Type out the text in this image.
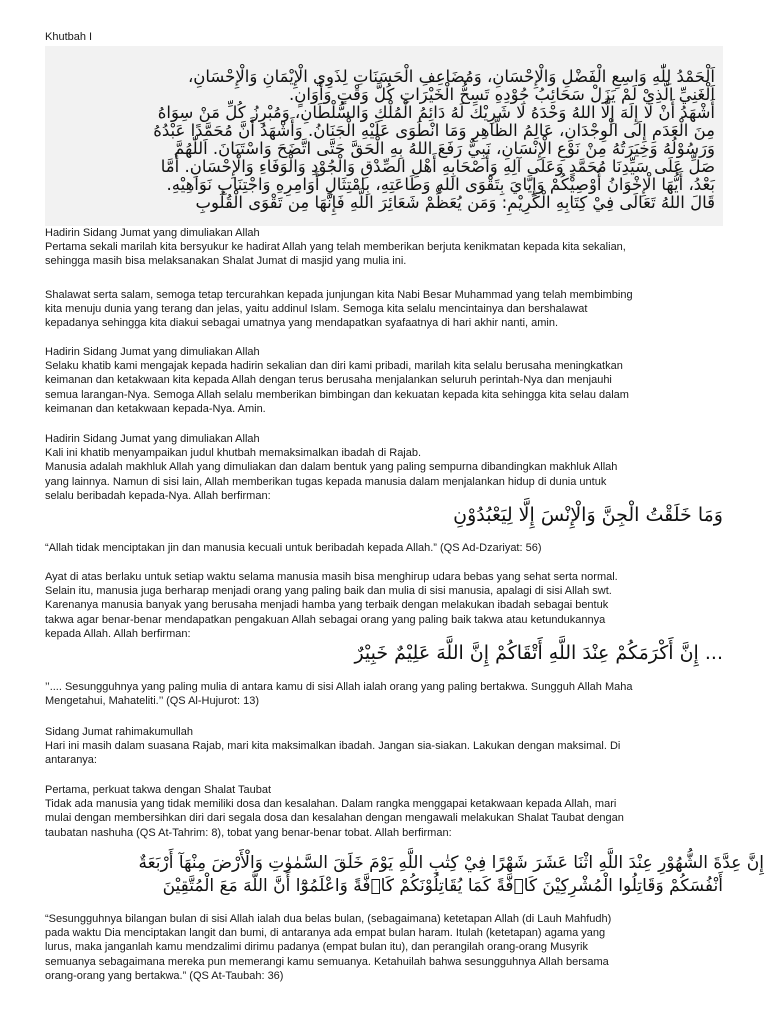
Khutbah I
اَلْحَمْدُ لِلّٰهِ وَاسِعِ الْفَضْلِ وَالْإِحْسَانِ، وَمُضَاعِفِ الْحَسَنَاتِ لِذَوِي الْإِيْمَانِ وَالْإِحْسَانِ،
اَلْغَنِيِّ الَّذِيْ لَمْ يَزَلْ سَحَائِبُ جُوْدِهِ تَسِحُّ الْخَيْرَاتِ كُلَّ وَقْتٍ وَأَوَانٍ.
أَشْهَدُ أَنْ لَا إِلَهَ إِلَّا اللهُ وَحْدَهُ لَا شَرِيْكَ لَهُ دَائِمُ الْمُلْكِ وَالسُّلْطَانِ، وَمُبْرِزُ كُلِّ مَنْ سِوَاهُ
مِنَ الْعَدَمِ إِلَى الْوِجْدَانِ، عَالِمُ الظَّاهِرِ وَمَا انْطَوَى عَلَيْهِ الْجَنَانُ. وَأَشْهَدُ أَنَّ مُحَمَّدًا عَبْدُهُ
وَرَسُوْلُهُ وَخِيَرَتُهُ مِنْ نَوْعِ الْإِنْسَانِ، نَبِيٌّ رَفَعَ اللهُ بِهِ الْحَقَّ حَتَّى اتَّضَحَ وَاسْتَبَانَ. اَللّٰهُمَّ
صَلِّ عَلَى سَيِّدِنَا مُحَمَّدٍ وَعَلَى آلِهِ وَأَصْحَابِهِ أَهْلِ الصِّدْقِ وَالْجُوْدِ وَالْوَفَاءِ وَالْإِحْسَانِ. أَمَّا
بَعْدُ، أَيُّهَا الْإِخْوَانُ أُوْصِيْكُمْ وَإِيَّايَ بِتَقْوَى اللهِ وَطَاعَتِهِ، بِامْتِثَالِ أَوَامِرِهِ وَاجْتِنَابِ نَوَاهِيْهِ.
قَالَ اللهُ تَعَالَى فِيْ كِتَابِهِ الْكَرِيْمِ: وَمَن يُعَظِّمْ شَعَائِرَ اللَّهِ فَإِنَّهَا مِن تَقْوَى الْقُلُوبِ
Hadirin Sidang Jumat yang dimuliakan Allah
Pertama sekali marilah kita bersyukur ke hadirat Allah yang telah memberikan berjuta kenikmatan kepada kita sekalian,
sehingga masih bisa melaksanakan Shalat Jumat di masjid yang mulia ini.
Shalawat serta salam, semoga tetap tercurahkan kepada junjungan kita Nabi Besar Muhammad yang telah membimbing
kita menuju dunia yang terang dan jelas, yaitu addinul Islam. Semoga kita selalu mencintainya dan bershalawat
kepadanya sehingga kita diakui sebagai umatnya yang mendapatkan syafaatnya di hari akhir nanti, amin.
Hadirin Sidang Jumat yang dimuliakan Allah
Selaku khatib kami mengajak kepada hadirin sekalian dan diri kami pribadi, marilah kita selalu berusaha meningkatkan
keimanan dan ketakwaan kita kepada Allah dengan terus berusaha menjalankan seluruh perintah-Nya dan menjauhi
semua larangan-Nya. Semoga Allah selalu memberikan bimbingan dan kekuatan kepada kita sehingga kita selau dalam
keimanan dan ketakwaan kepada-Nya. Amin.
Hadirin Sidang Jumat yang dimuliakan Allah
Kali ini khatib menyampaikan judul khutbah memaksimalkan ibadah di Rajab.
Manusia adalah makhluk Allah yang dimuliakan dan dalam bentuk yang paling sempurna dibandingkan makhluk Allah
yang lainnya. Namun di sisi lain, Allah memberikan tugas kepada manusia dalam menjalankan hidup di dunia untuk
selalu beribadah kepada-Nya. Allah berfirman:
وَمَا خَلَقْتُ الْجِنَّ وَالْإِنْسَ إِلَّا لِيَعْبُدُوْنِ
“Allah tidak menciptakan jin dan manusia kecuali untuk beribadah kepada Allah.” (QS Ad-Dzariyat: 56)
Ayat di atas berlaku untuk setiap waktu selama manusia masih bisa menghirup udara bebas yang sehat serta normal.
Selain itu, manusia juga berharap menjadi orang yang paling baik dan mulia di sisi manusia, apalagi di sisi Allah swt.
Karenanya manusia banyak yang berusaha menjadi hamba yang terbaik dengan melakukan ibadah sebagai bentuk
takwa agar benar-benar mendapatkan pengakuan Allah sebagai orang yang paling baik takwa atau ketundukannya
kepada Allah. Allah berfirman:
... إِنَّ أَكْرَمَكُمْ عِنْدَ اللَّهِ أَتْقَاكُمْ إِنَّ اللَّهَ عَلِيْمٌ خَبِيْرٌ
’’.... Sesungguhnya yang paling mulia di antara kamu di sisi Allah ialah orang yang paling bertakwa. Sungguh Allah Maha
Mengetahui, Mahateliti.’’ (QS Al-Hujurot: 13)
Sidang Jumat rahimakumullah
Hari ini masih dalam suasana Rajab, mari kita maksimalkan ibadah. Jangan sia-siakan. Lakukan dengan maksimal. Di
antaranya:
Pertama, perkuat takwa dengan Shalat Taubat
Tidak ada manusia yang tidak memiliki dosa dan kesalahan. Dalam rangka menggapai ketakwaan kepada Allah, mari
mulai dengan membersihkan diri dari segala dosa dan kesalahan dengan mengawali melakukan Shalat Taubat dengan
taubatan nashuha (QS At-Tahrim: 8), tobat yang benar-benar tobat. Allah berfirman:
إِنَّ عِدَّةَ الشُّهُوْرِ عِنْدَ اللَّهِ اثْنَا عَشَرَ شَهْرًا فِيْ كِتٰبِ اللَّهِ يَوْمَ خَلَقَ السَّمٰوٰتِ وَالْأَرْضَ مِنْهَآ أَرْبَعَةٌ
أَنْفُسَكُمْ وَقَاتِلُوا الْمُشْرِكِيْنَ كَاۤفَّةً كَمَا يُقَاتِلُوْنَكُمْ كَاۤفَّةً وَاعْلَمُوْٓا أَنَّ اللَّهَ مَعَ الْمُتَّقِيْنَ
“Sesungguhnya bilangan bulan di sisi Allah ialah dua belas bulan, (sebagaimana) ketetapan Allah (di Lauh Mahfudh)
pada waktu Dia menciptakan langit dan bumi, di antaranya ada empat bulan haram. Itulah (ketetapan) agama yang
lurus, maka janganlah kamu mendzalimi dirimu padanya (empat bulan itu), dan perangilah orang-orang Musyrik
semuanya sebagaimana mereka pun memerangi kamu semuanya. Ketahuilah bahwa sesungguhnya Allah bersama
orang-orang yang bertakwa.” (QS At-Taubah: 36)
